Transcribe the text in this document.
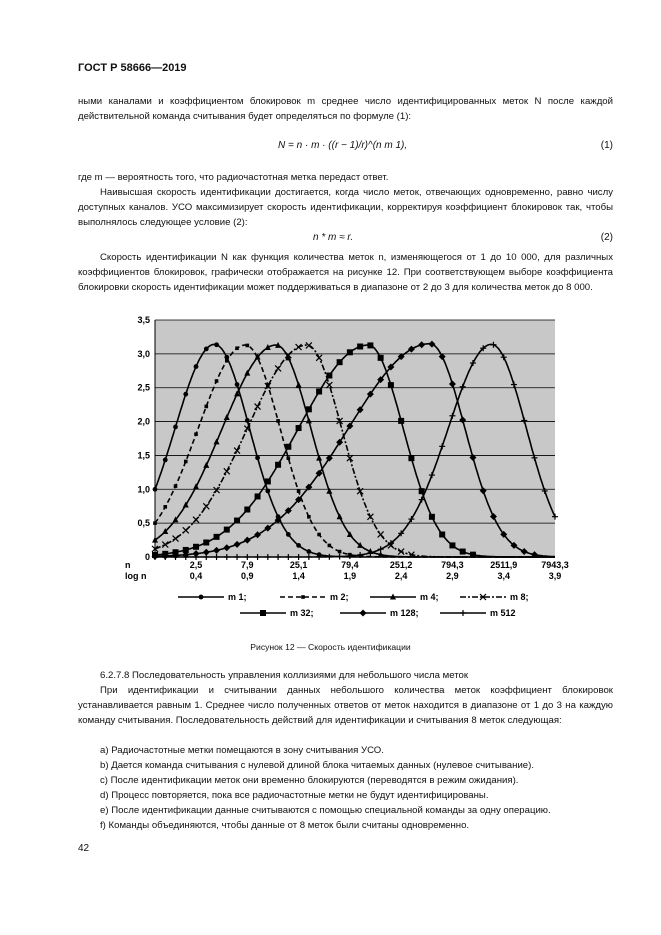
ГОСТ Р 58666—2019
ными каналами и коэффициентом блокировок m среднее число идентифицированных меток N после каждой действительной команда считывания будет определяться по формуле (1):
N = n · m · ((r − 1)/r)^(n m 1),	(1)
где m — вероятность того, что радиочастотная метка передаст ответ.
Наивысшая скорость идентификации достигается, когда число меток, отвечающих одновременно, равно числу доступных каналов. УСО максимизирует скорость идентификации, корректируя коэффициент блокировок так, чтобы выполнялось следующее условие (2):
n * m ≈ r.	(2)
Скорость идентификации N как функция количества меток n, изменяющегося от 1 до 10 000, для различных коэффициентов блокировок, графически отображается на рисунке 12. При соответствующем выборе коэффициента блокировки скорость идентификации может поддерживаться в диапазоне от 2 до 3 для количества меток до 8 000.
0
0,5
1,0
1,5
2,0
2,5
3,0
3,5
n
log n
2,5	7,9	25,1	79,4	251,2	794,3	2511,9	7943,3
0,4	0,9	1,4	1,9	2,4	2,9	3,4	3,9
m 1;	m 2;	m 4;	m 8;
m 32;	m 128;	m 512
Рисунок 12 — Скорость идентификации
6.2.7.8 Последовательность управления коллизиями для небольшого числа меток
При идентификации и считывании данных небольшого количества меток коэффициент блокировок устанавливается равным 1. Среднее число полученных ответов от меток находится в диапазоне от 1 до 3 на каждую команду считывания. Последовательность действий для идентификации и считывания 8 меток следующая:
a) Радиочастотные метки помещаются в зону считывания УСО.
b) Дается команда считывания с нулевой длиной блока читаемых данных (нулевое считывание).
c) После идентификации меток они временно блокируются (переводятся в режим ожидания).
d) Процесс повторяется, пока все радиочастотные метки не будут идентифицированы.
e) После идентификации данные считываются с помощью специальной команды за одну операцию.
f) Команды объединяются, чтобы данные от 8 меток были считаны одновременно.
42
